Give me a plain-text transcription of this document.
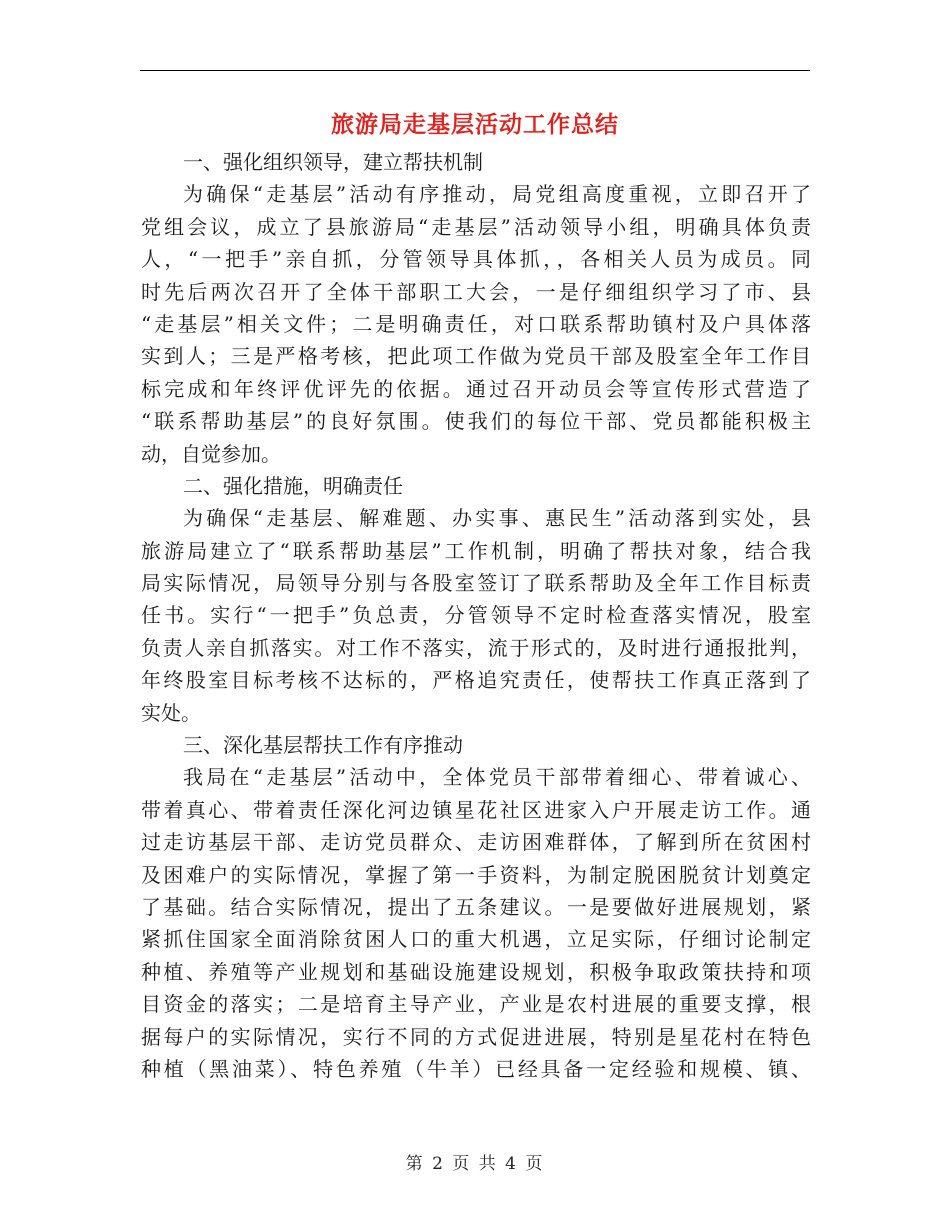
旅游局走基层活动工作总结
一、强化组织领导，建立帮扶机制
为确保“走基层”活动有序推动，局党组高度重视，立即召开了
党组会议，成立了县旅游局“走基层”活动领导小组，明确具体负责
人，“一把手”亲自抓，分管领导具体抓，，各相关人员为成员。同
时先后两次召开了全体干部职工大会，一是仔细组织学习了市、县
“走基层”相关文件；二是明确责任，对口联系帮助镇村及户具体落
实到人；三是严格考核，把此项工作做为党员干部及股室全年工作目
标完成和年终评优评先的依据。通过召开动员会等宣传形式营造了
“联系帮助基层”的良好氛围。使我们的每位干部、党员都能积极主
动，自觉参加。
二、强化措施，明确责任
为确保“走基层、解难题、办实事、惠民生”活动落到实处，县
旅游局建立了“联系帮助基层”工作机制，明确了帮扶对象，结合我
局实际情况，局领导分别与各股室签订了联系帮助及全年工作目标责
任书。实行“一把手”负总责，分管领导不定时检查落实情况，股室
负责人亲自抓落实。对工作不落实，流于形式的，及时进行通报批判，
年终股室目标考核不达标的，严格追究责任，使帮扶工作真正落到了
实处。
三、深化基层帮扶工作有序推动
我局在“走基层”活动中，全体党员干部带着细心、带着诚心、
带着真心、带着责任深化河边镇星花社区进家入户开展走访工作。通
过走访基层干部、走访党员群众、走访困难群体，了解到所在贫困村
及困难户的实际情况，掌握了第一手资料，为制定脱困脱贫计划奠定
了基础。结合实际情况，提出了五条建议。一是要做好进展规划，紧
紧抓住国家全面消除贫困人口的重大机遇，立足实际，仔细讨论制定
种植、养殖等产业规划和基础设施建设规划，积极争取政策扶持和项
目资金的落实；二是培育主导产业，产业是农村进展的重要支撑，根
据每户的实际情况，实行不同的方式促进进展，特别是星花村在特色
种植（黑油菜）、特色养殖（牛羊）已经具备一定经验和规模、镇、
第 2 页 共 4 页
